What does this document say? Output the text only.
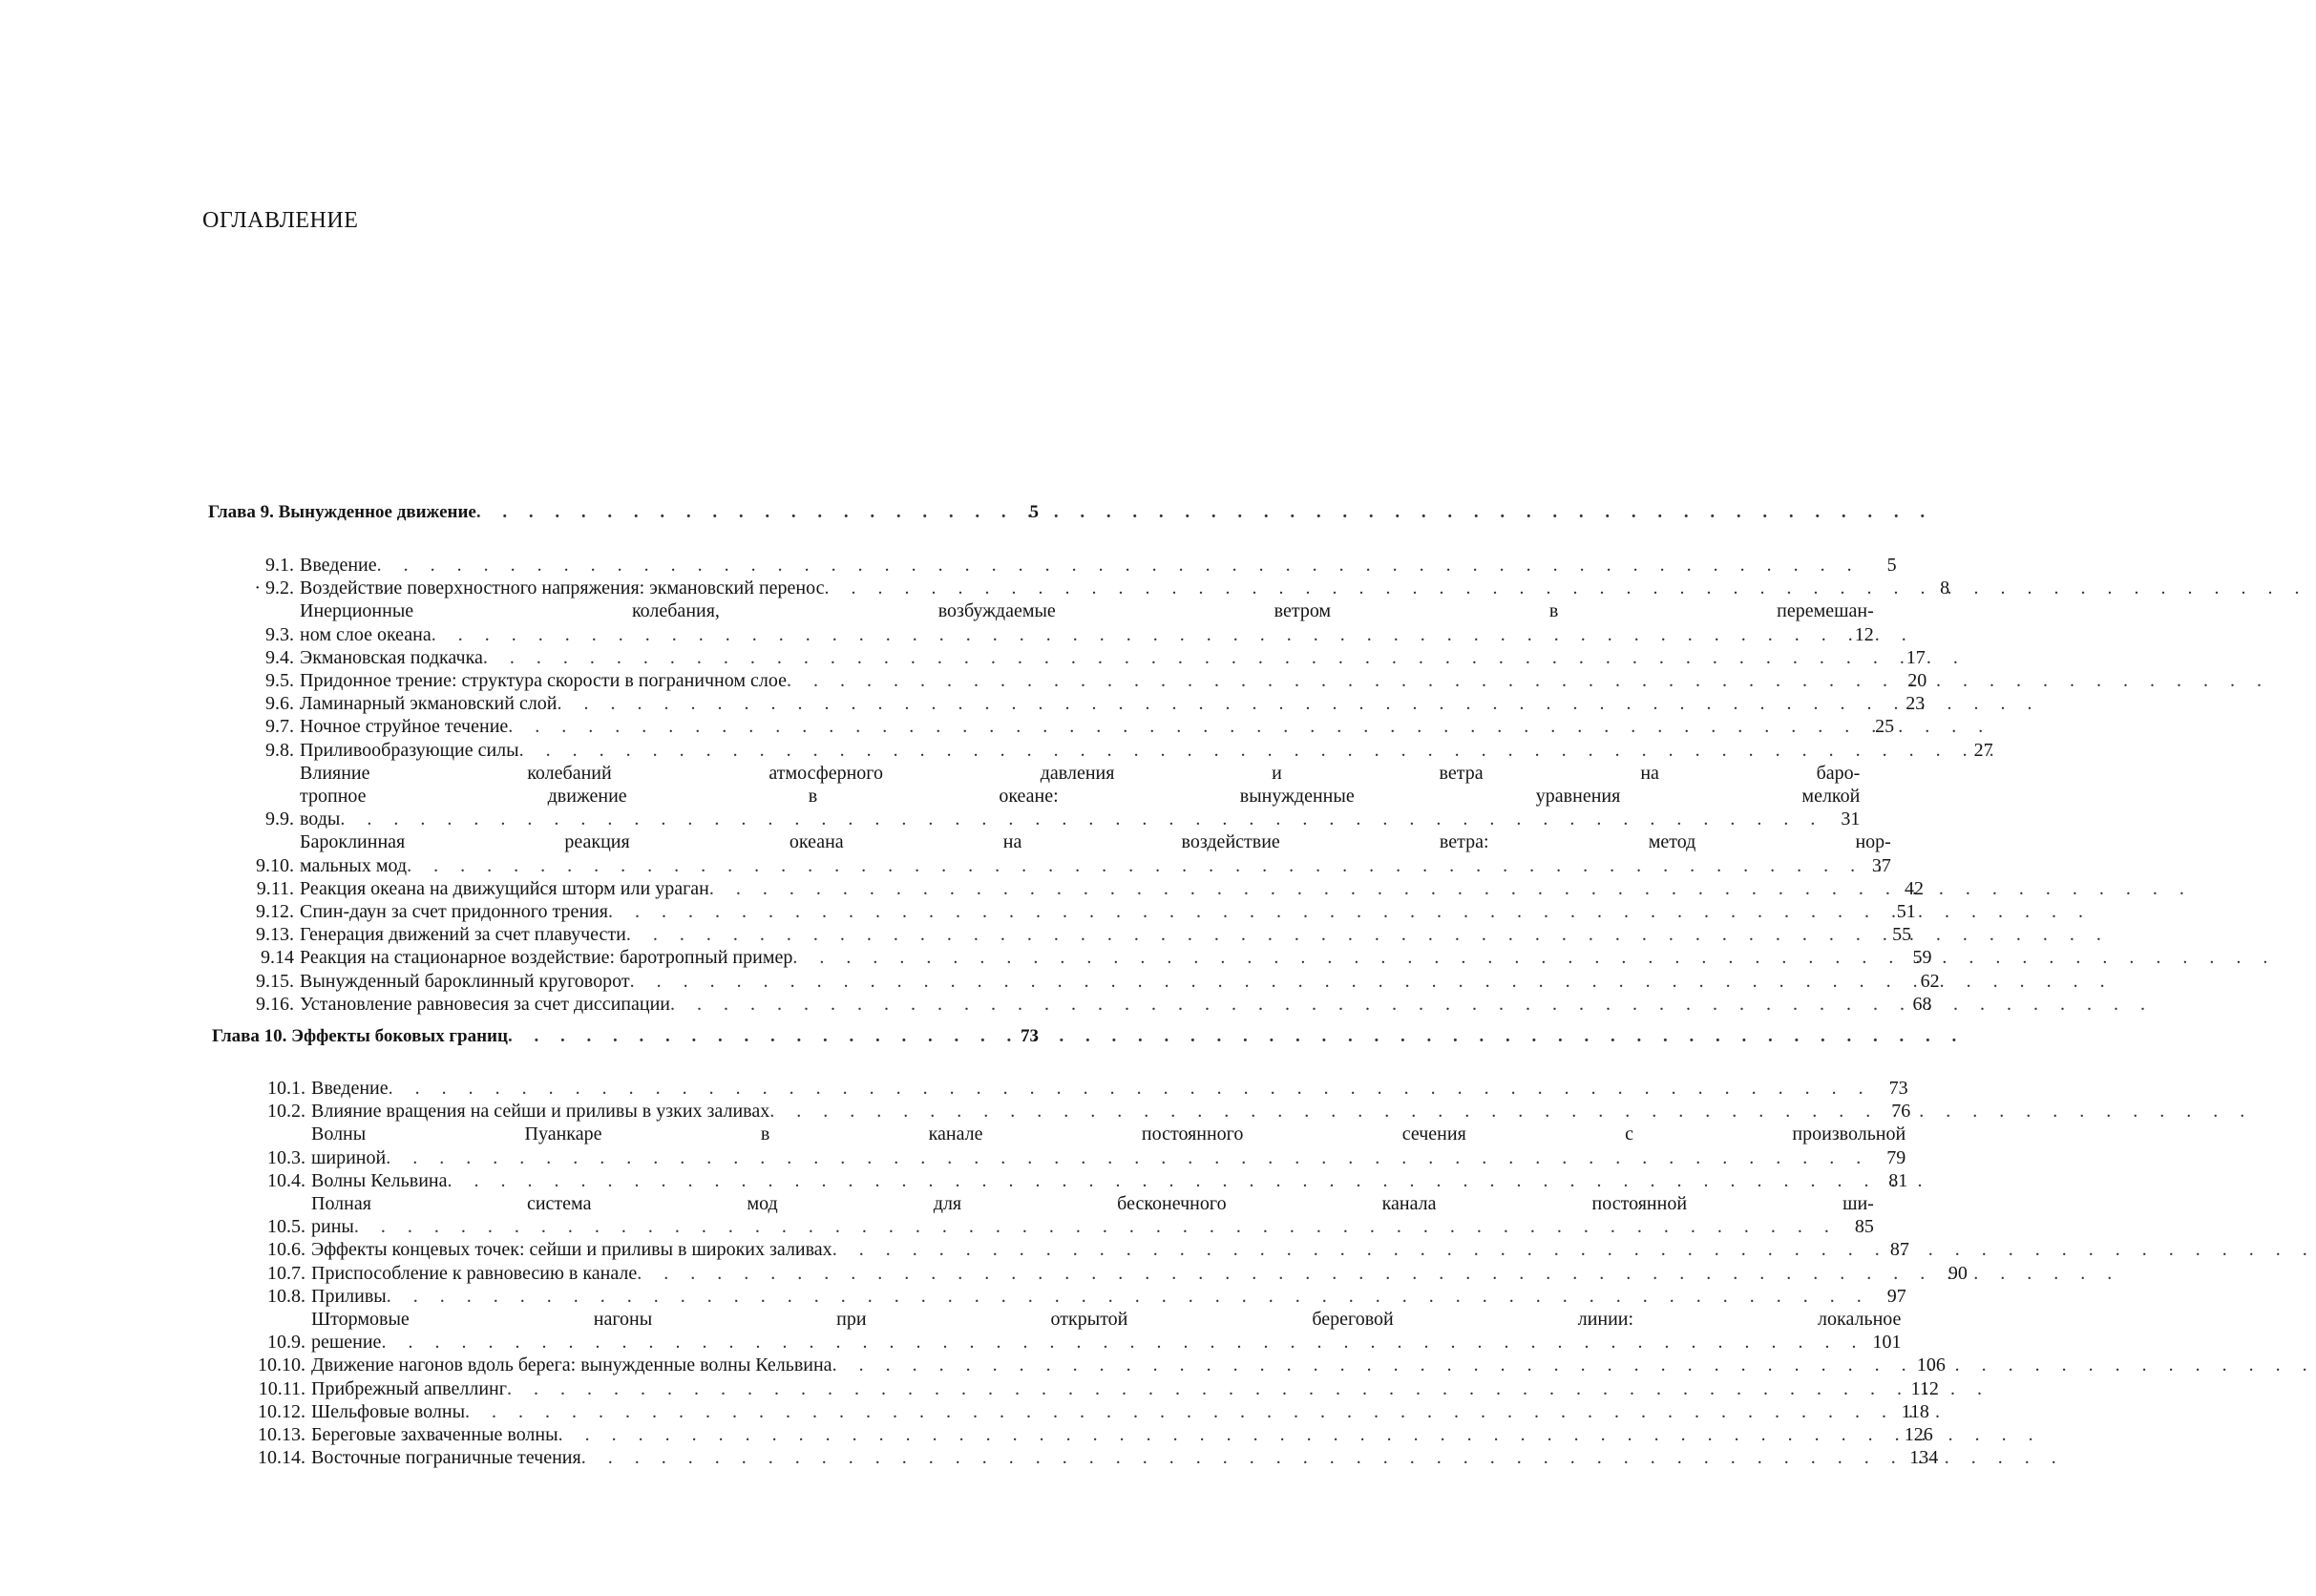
ОГЛАВЛЕНИЕ
Глава 9. Вынужденное движение . . .	5
9.1. Введение . . .	5
· 9.2. Воздействие поверхностного напряжения: экмановский перенос . . .	8
9.3.
Инерционные колебания, возбуждаемые ветром в перемешан-
ном слое океана . . .	12
9.4. Экмановская подкачка . . .	17
9.5. Придонное трение: структура скорости в пограничном слое . . .	20
9.6. Ламинарный экмановский слой . . .	23
9.7. Ночное струйное течение . . .	25
9.8. Приливообразующие силы . . .	27
9.9.
Влияние колебаний атмосферного давления и ветра на баро-
тропное движение в океане: вынужденные уравнения мелкой
воды . . .	31
9.10.
Бароклинная реакция океана на воздействие ветра: метод нор-
мальных мод . . .	37
9.11. Реакция океана на движущийся шторм или ураган . . .	42
9.12. Спин-даун за счет придонного трения . . .	51
9.13. Генерация движений за счет плавучести . . .	55
9.14 Реакция на стационарное воздействие: баротропный пример . . .	59
9.15. Вынужденный бароклинный круговорот . . .	62
9.16. Установление равновесия за счет диссипации . . .	68
Глава 10. Эффекты боковых границ . . .	73
10.1. Введение . . .	73
10.2. Влияние вращения на сейши и приливы в узких заливах . . .	76
10.3.
Волны Пуанкаре в канале постоянного сечения с произвольной
шириной . . .	79
10.4. Волны Кельвина . . .	81
10.5.
Полная система мод для бесконечного канала постоянной ши-
рины . . .	85
10.6. Эффекты концевых точек: сейши и приливы в широких заливах . . .	87
10.7. Приспособление к равновесию в канале . . .	90
10.8. Приливы . . .	97
10.9.
Штормовые нагоны при открытой береговой линии: локальное
решение . . .	101
10.10. Движение нагонов вдоль берега: вынужденные волны Кельвина . . .	106
10.11. Прибрежный апвеллинг . . .	112
10.12. Шельфовые волны . . .	118
10.13. Береговые захваченные волны . . .	126
10.14. Восточные пограничные течения . . .	134
